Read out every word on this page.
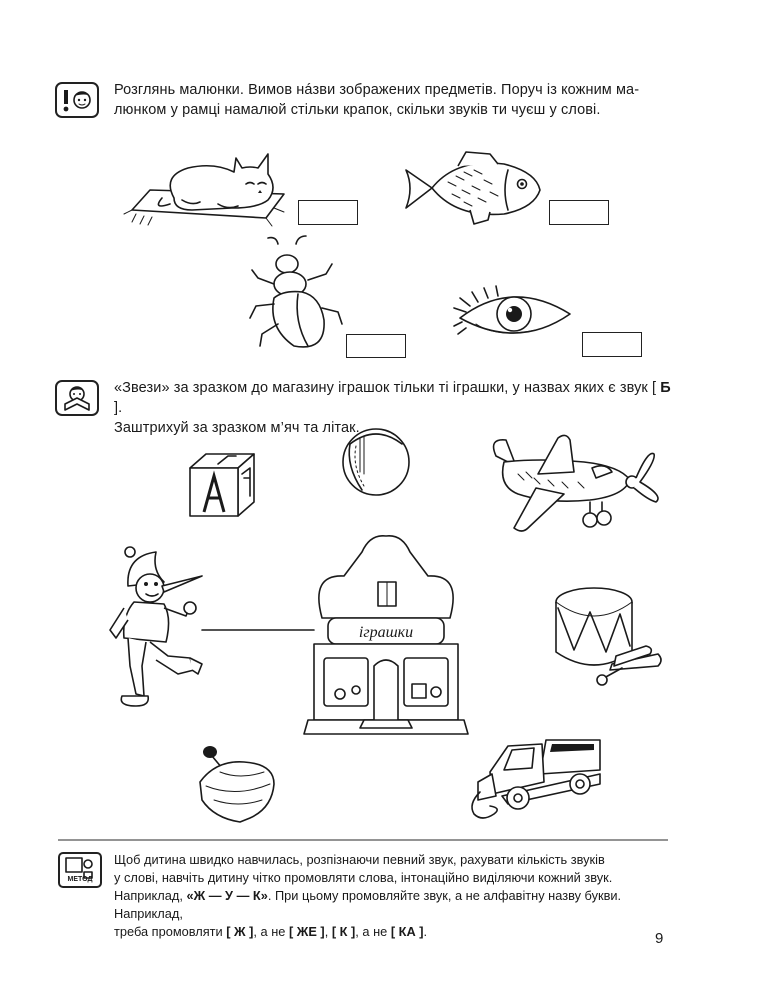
Розглянь малюнки. Вимов нáзви зображених предметів. Поруч із кожним ма-
люнком у рамці намалюй стільки крапок, скільки звуків ти чуєш у слові.
«Звези» за зразком до магазину іграшок тільки ті іграшки, у назвах яких є звук [ Б ].
Заштрихуй за зразком м’яч та літак.
іграшки
МЕТОД
Щоб дитина швидко навчилась, розпізнаючи певний звук, рахувати кількість звуків
у слові, навчіть дитину чітко промовляти слова, інтонаційно виділяючи кожний звук.
Наприклад, «Ж — У — К». При цьому промовляйте звук, а не алфавітну назву букви. Наприклад,
треба промовляти [ Ж ], а не [ ЖЕ ], [ К ], а не [ КА ].	9
